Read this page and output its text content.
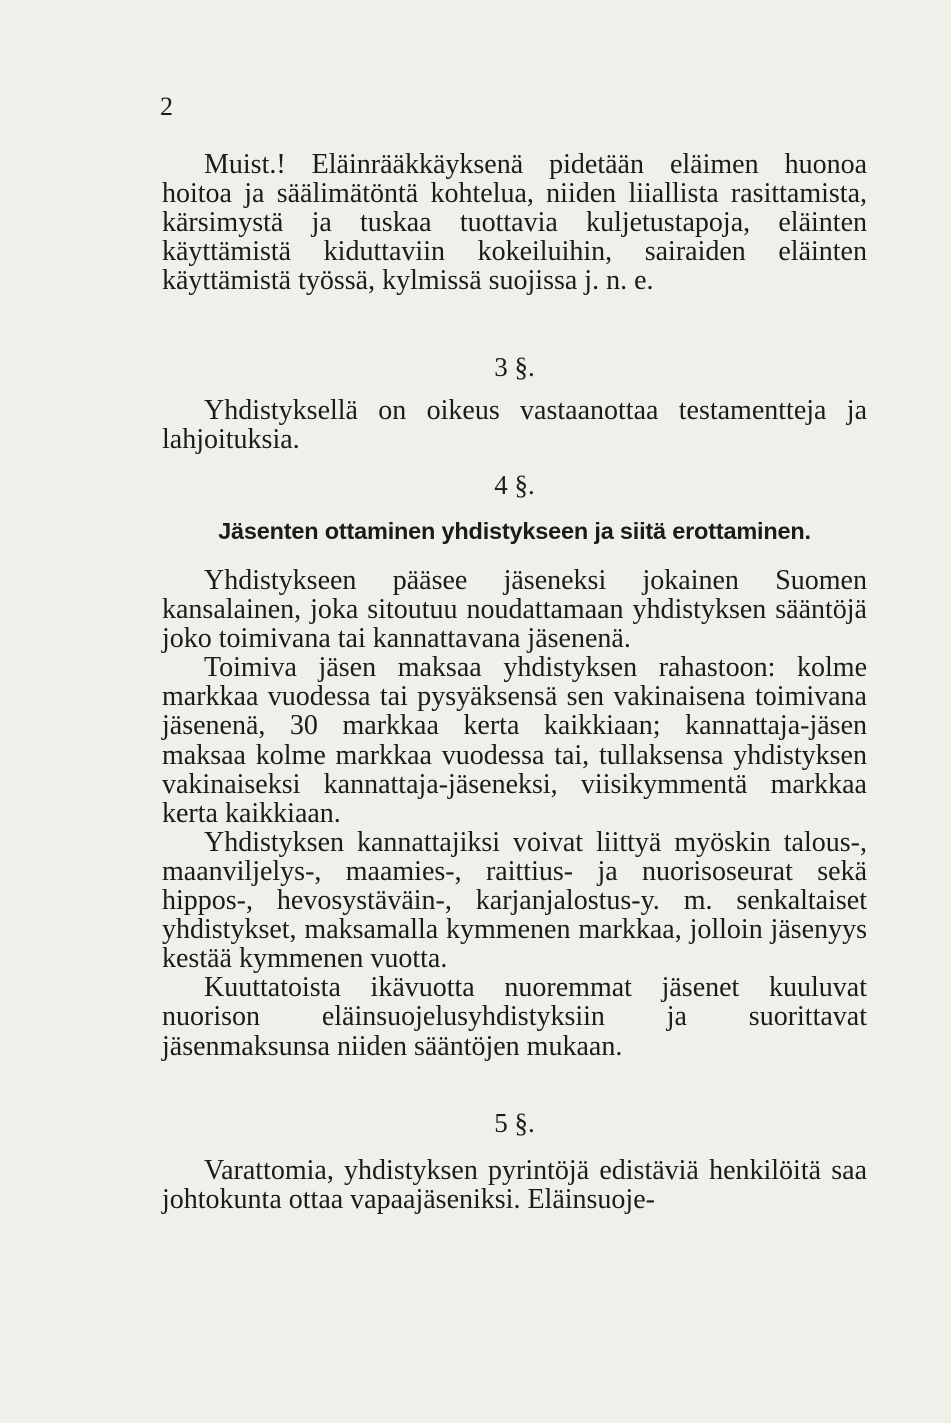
2

Muist.! Eläinrääkkäyksenä pidetään eläimen huonoa hoitoa ja säälimätöntä kohtelua, niiden liiallista rasittamista, kärsimystä ja tuskaa tuottavia kuljetustapoja, eläinten käyttämistä kiduttaviin kokeiluihin, sairaiden eläinten käyttämistä työssä, kylmissä suojissa j. n. e.

3 §.

Yhdistyksellä on oikeus vastaanottaa testamentteja ja lahjoituksia.

4 §.
Jäsenten ottaminen yhdistykseen ja siitä erottaminen.

Yhdistykseen pääsee jäseneksi jokainen Suomen kansalainen, joka sitoutuu noudattamaan yhdistyksen sääntöjä joko toimivana tai kannattavana jäsenenä.

Toimiva jäsen maksaa yhdistyksen rahastoon: kolme markkaa vuodessa tai pysyäksensä sen vakinaisena toimivana jäsenenä, 30 markkaa kerta kaikkiaan; kannattaja-jäsen maksaa kolme markkaa vuodessa tai, tullaksensa yhdistyksen vakinaiseksi kannattaja-jäseneksi, viisikymmentä markkaa kerta kaikkiaan.

Yhdistyksen kannattajiksi voivat liittyä myöskin talous-, maanviljelys-, maamies-, raittius- ja nuorisoseurat sekä hippos-, hevosystäväin-, karjanjalostus-y. m. senkaltaiset yhdistykset, maksamalla kymmenen markkaa, jolloin jäsenyys kestää kymmenen vuotta.

Kuuttatoista ikävuotta nuoremmat jäsenet kuuluvat nuorison eläinsuojelusyhdistyksiin ja suorittavat jäsenmaksunsa niiden sääntöjen mukaan.

5 §.

Varattomia, yhdistyksen pyrintöjä edistäviä henkilöitä saa johtokunta ottaa vapaajäseniksi. Eläinsuoje-
